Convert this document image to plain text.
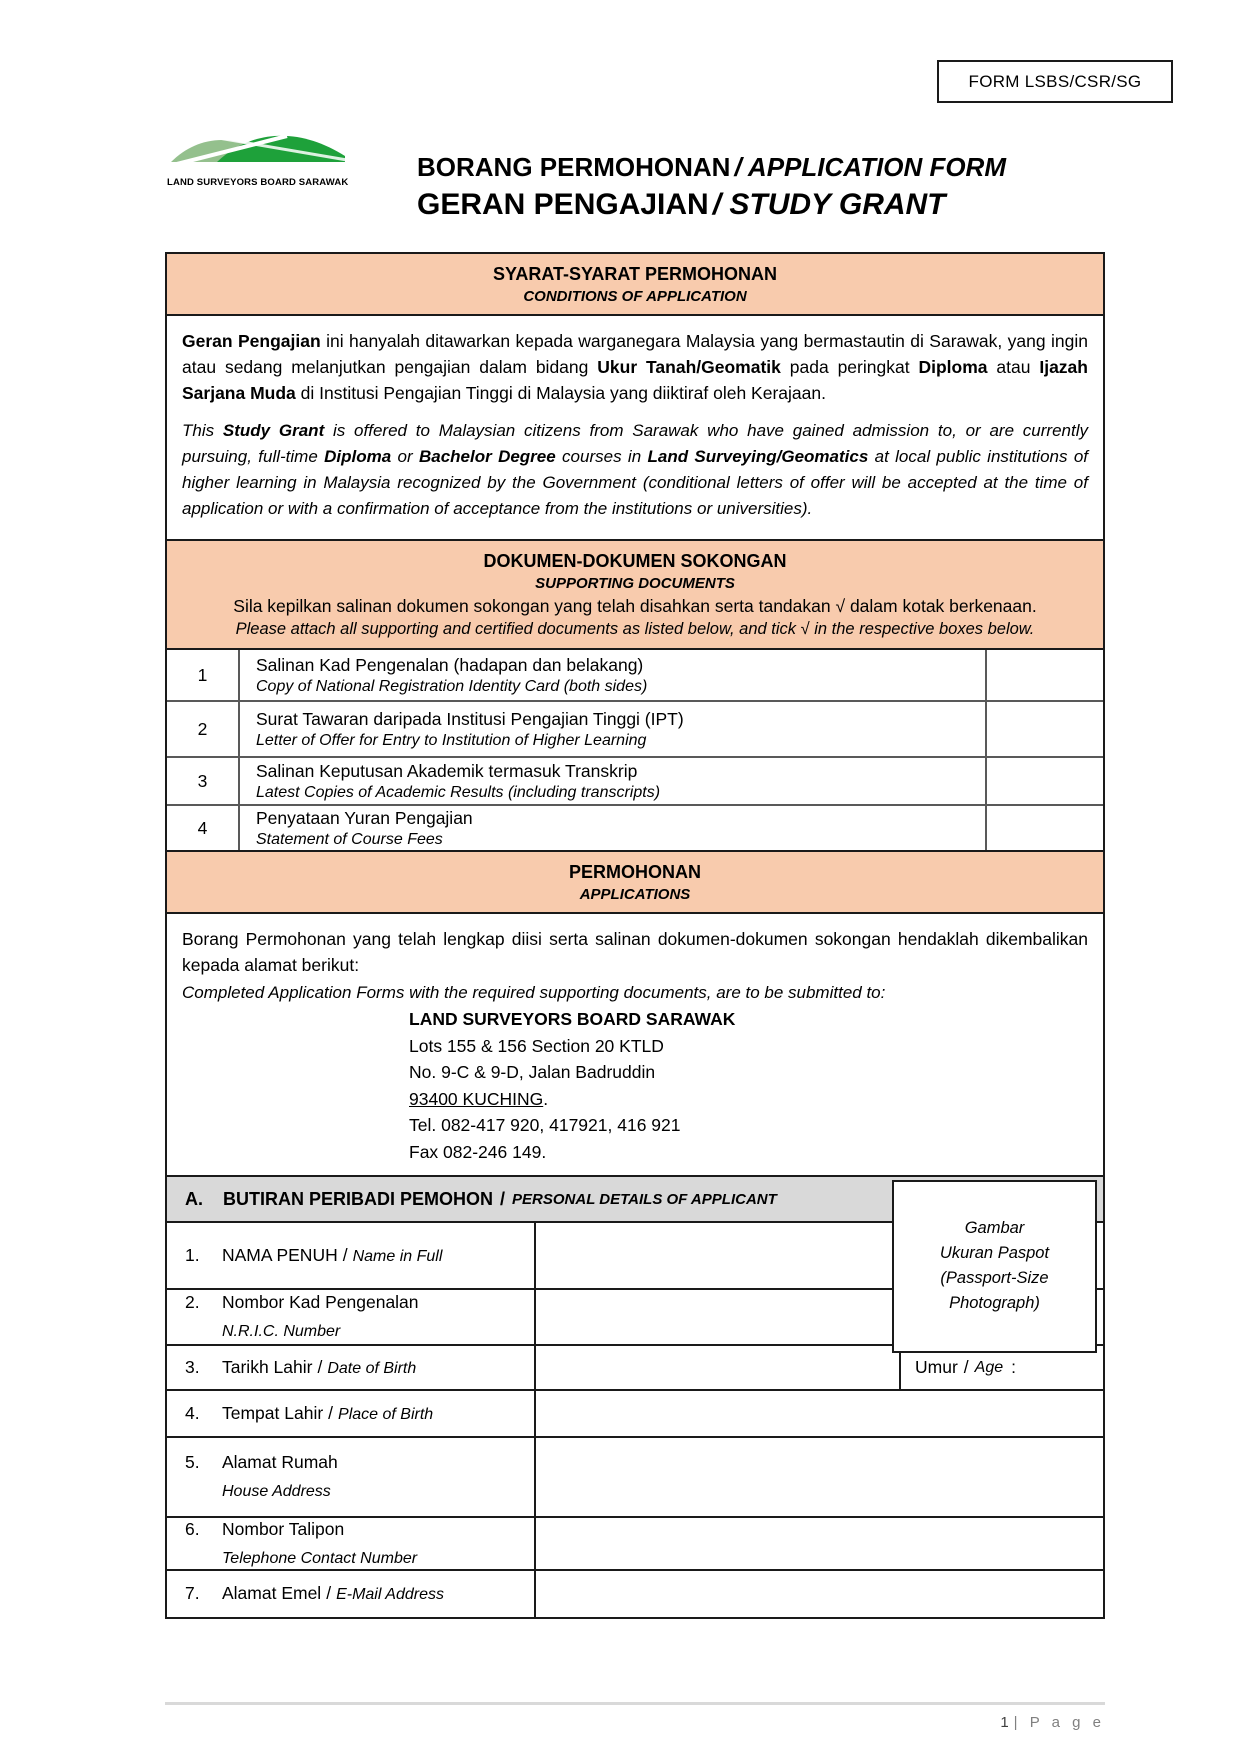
FORM LSBS/CSR/SG
LAND SURVEYORS BOARD SARAWAK
BORANG PERMOHONAN / APPLICATION FORM
GERAN PENGAJIAN / STUDY GRANT
SYARAT-SYARAT PERMOHONAN
CONDITIONS OF APPLICATION
Geran Pengajian ini hanyalah ditawarkan kepada warganegara Malaysia yang bermastautin di Sarawak, yang ingin atau sedang melanjutkan pengajian dalam bidang Ukur Tanah/Geomatik pada peringkat Diploma atau Ijazah Sarjana Muda di Institusi Pengajian Tinggi di Malaysia yang diiktiraf oleh Kerajaan.
This Study Grant is offered to Malaysian citizens from Sarawak who have gained admission to, or are currently pursuing, full-time Diploma or Bachelor Degree courses in Land Surveying/Geomatics at local public institutions of higher learning in Malaysia recognized by the Government (conditional letters of offer will be accepted at the time of application or with a confirmation of acceptance from the institutions or universities).
DOKUMEN-DOKUMEN SOKONGAN
SUPPORTING DOCUMENTS
Sila kepilkan salinan dokumen sokongan yang telah disahkan serta tandakan √ dalam kotak berkenaan.
Please attach all supporting and certified documents as listed below, and tick √ in the respective boxes below.
1	Salinan Kad Pengenalan (hadapan dan belakang)
Copy of National Registration Identity Card (both sides)
2	Surat Tawaran daripada Institusi Pengajian Tinggi (IPT)
Letter of Offer for Entry to Institution of Higher Learning
3	Salinan Keputusan Akademik termasuk Transkrip
Latest Copies of Academic Results (including transcripts)
4	Penyataan Yuran Pengajian
Statement of Course Fees
PERMOHONAN
APPLICATIONS
Borang Permohonan yang telah lengkap diisi serta salinan dokumen-dokumen sokongan hendaklah dikembalikan kepada alamat berikut:
Completed Application Forms with the required supporting documents, are to be submitted to:
LAND SURVEYORS BOARD SARAWAK
Lots 155 & 156 Section 20 KTLD
No. 9-C & 9-D, Jalan Badruddin
93400 KUCHING.
Tel. 082-417 920, 417921, 416 921
Fax 082-246 149.
A.	BUTIRAN PERIBADI PEMOHON / PERSONAL DETAILS OF APPLICANT
1.	NAMA PENUH / Name in Full
2.	Nombor Kad Pengenalan
N.R.I.C. Number
3.	Tarikh Lahir / Date of Birth	Umur / Age :
4.	Tempat Lahir / Place of Birth
5.	Alamat Rumah
House Address
6.	Nombor Talipon
Telephone Contact Number
7.	Alamat Emel / E-Mail Address
Gambar
Ukuran Paspot
(Passport-Size
Photograph)
1 | P a g e
